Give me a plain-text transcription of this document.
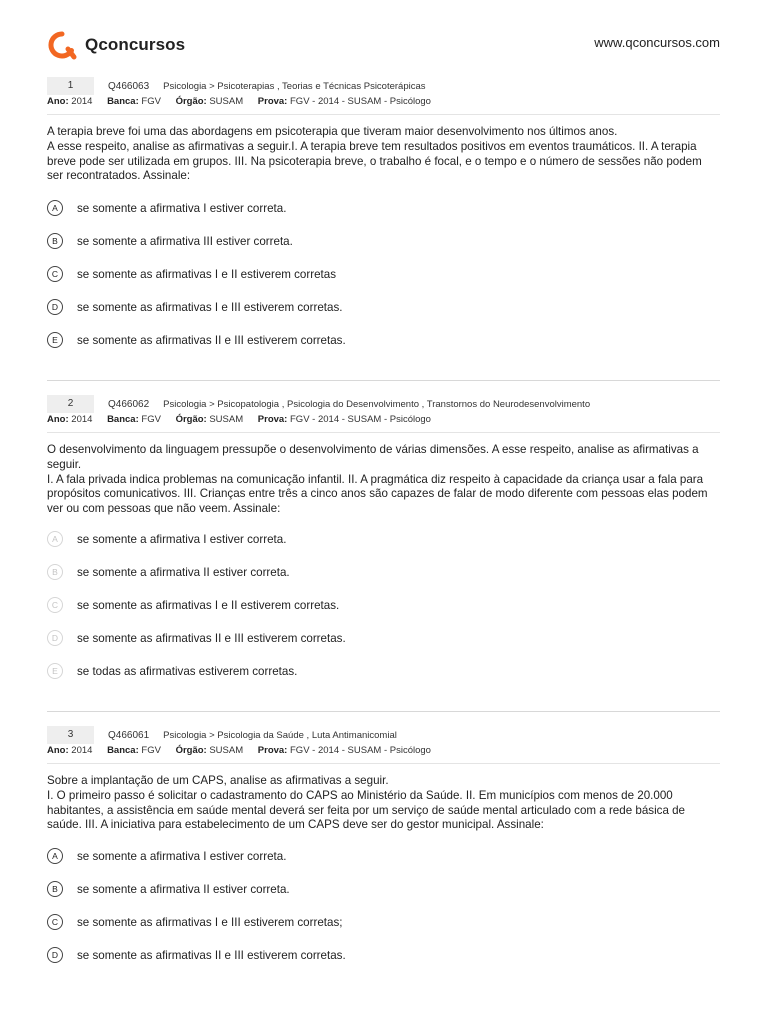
Qconcursos	www.qconcursos.com
1	Q466063 Psicologia > Psicoterapias , Teorias e Técnicas Psicoterápicas
Ano: 2014 Banca: FGV Órgão: SUSAM Prova: FGV - 2014 - SUSAM - Psicólogo

A terapia breve foi uma das abordagens em psicoterapia que tiveram maior desenvolvimento nos últimos anos.

A esse respeito, analise as afirmativas a seguir.I. A terapia breve tem resultados positivos em eventos traumáticos. II. A terapia breve pode ser utilizada em grupos. III. Na psicoterapia breve, o trabalho é focal, e o tempo e o número de sessões não podem ser recontratados. Assinale:

A	se somente a afirmativa I estiver correta.
B	se somente a afirmativa III estiver correta.
C	se somente as afirmativas I e II estiverem corretas
D	se somente as afirmativas I e III estiverem corretas.
E	se somente as afirmativas II e III estiverem corretas.
2	Q466062 Psicologia > Psicopatologia , Psicologia do Desenvolvimento , Transtornos do Neurodesenvolvimento
Ano: 2014 Banca: FGV Órgão: SUSAM Prova: FGV - 2014 - SUSAM - Psicólogo

O desenvolvimento da linguagem pressupõe o desenvolvimento de várias dimensões. A esse respeito, analise as afirmativas a seguir.

I. A fala privada indica problemas na comunicação infantil. II. A pragmática diz respeito à capacidade da criança usar a fala para propósitos comunicativos. III. Crianças entre três a cinco anos são capazes de falar de modo diferente com pessoas elas podem ver ou com pessoas que não veem. Assinale:

A	se somente a afirmativa I estiver correta.
B	se somente a afirmativa II estiver correta.
C	se somente as afirmativas I e II estiverem corretas.
D	se somente as afirmativas II e III estiverem corretas.
E	se todas as afirmativas estiverem corretas.
3	Q466061 Psicologia > Psicologia da Saúde , Luta Antimanicomial
Ano: 2014 Banca: FGV Órgão: SUSAM Prova: FGV - 2014 - SUSAM - Psicólogo

Sobre a implantação de um CAPS, analise as afirmativas a seguir.

I. O primeiro passo é solicitar o cadastramento do CAPS ao Ministério da Saúde. II. Em municípios com menos de 20.000 habitantes, a assistência em saúde mental deverá ser feita por um serviço de saúde mental articulado com a rede básica de saúde. III. A iniciativa para estabelecimento de um CAPS deve ser do gestor municipal. Assinale:

A	se somente a afirmativa I estiver correta.
B	se somente a afirmativa II estiver correta.
C	se somente as afirmativas I e III estiverem corretas;
D	se somente as afirmativas II e III estiverem corretas.
